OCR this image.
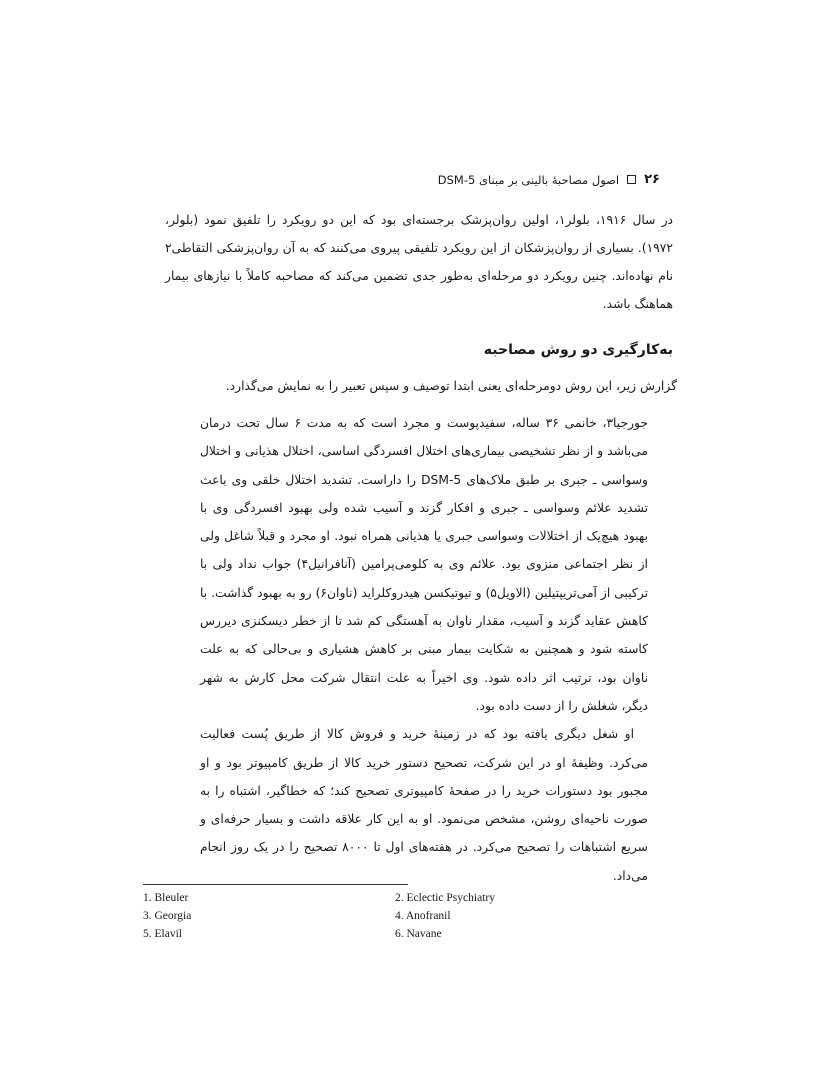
۲۶
اصول مصاحبۀ بالینی بر مبنای DSM-5
در سال ۱۹۱۶، بلولر۱، اولین روان‌پزشک برجسته‌ای بود که این دو رویکرد را تلفیق نمود (بلولر، ۱۹۷۲). بسیاری از روان‌پزشکان از این رویکرد تلفیقی پیروی می‌کنند که به آن روان‌پزشکی التقاطی۲ نام نهاده‌اند. چنین رویکرد دو مرحله‌ای به‌طور جدی تضمین می‌کند که مصاحبه کاملاً با نیازهای بیمار هماهنگ باشد.
به‌کارگیری دو روش مصاحبه
گزارش زیر، این روش دومرحله‌ای یعنی ابتدا توصیف و سپس تعبیر را به نمایش می‌گذارد.

جورجیا۳، خانمی ۳۶ ساله، سفیدپوست و مجرد است که به مدت ۶ سال تحت درمان می‌باشد و از نظر تشخیصی بیماری‌های اختلال افسردگی اساسی، اختلال هذیانی و اختلال وسواسی ـ جبری بر طبق ملاک‌های DSM-5 را داراست. تشدید اختلال خلقی وی باعث تشدید علائم وسواسی ـ جبری و افکار گزند و آسیب شده ولی بهبود افسردگی وی با بهبود هیچ‌یک از اختلالات وسواسی جبری یا هذیانی همراه نبود. او مجرد و قبلاً شاغل ولی از نظر اجتماعی منزوی بود. علائم وی به کلومی‌پرامین (آنافرانیل۴) جواب نداد ولی با ترکیبی از آمی‌تریپتیلین (الاویل۵) و تیوتیکسن هیدروکلراید (ناوان۶) رو به بهبود گذاشت. با کاهش عقاید گزند و آسیب، مقدار ناوان به آهستگی کم شد تا از خطر دیسکنزی دیررس کاسته شود و همچنین به شکایت بیمار مبنی بر کاهش هشیاری و بی‌حالی که به علت ناوان بود، ترتیب اثر داده شود. وی اخیراً به علت انتقال شرکت محل کارش به شهر دیگر، شغلش را از دست داده بود.

او شغل دیگری یافته بود که در زمینۀ خرید و فروش کالا از طریق پُست فعالیت می‌کرد. وظیفۀ او در این شرکت، تصحیح دستور خرید کالا از طریق کامپیوتر بود و او مجبور بود دستورات خرید را در صفحۀ کامپیوتری تصحیح کند؛ که خطاگیر، اشتباه را به صورت ناحیه‌ای روشن، مشخص می‌نمود. او به این کار علاقه داشت و بسیار حرفه‌ای و سریع اشتباهات را تصحیح می‌کرد. در هفته‌های اول تا ۸۰۰۰ تصحیح را در یک روز انجام می‌داد.

1. Bleuler	2. Eclectic Psychiatry
3. Georgia	4. Anofranil
5. Elavil	6. Navane
